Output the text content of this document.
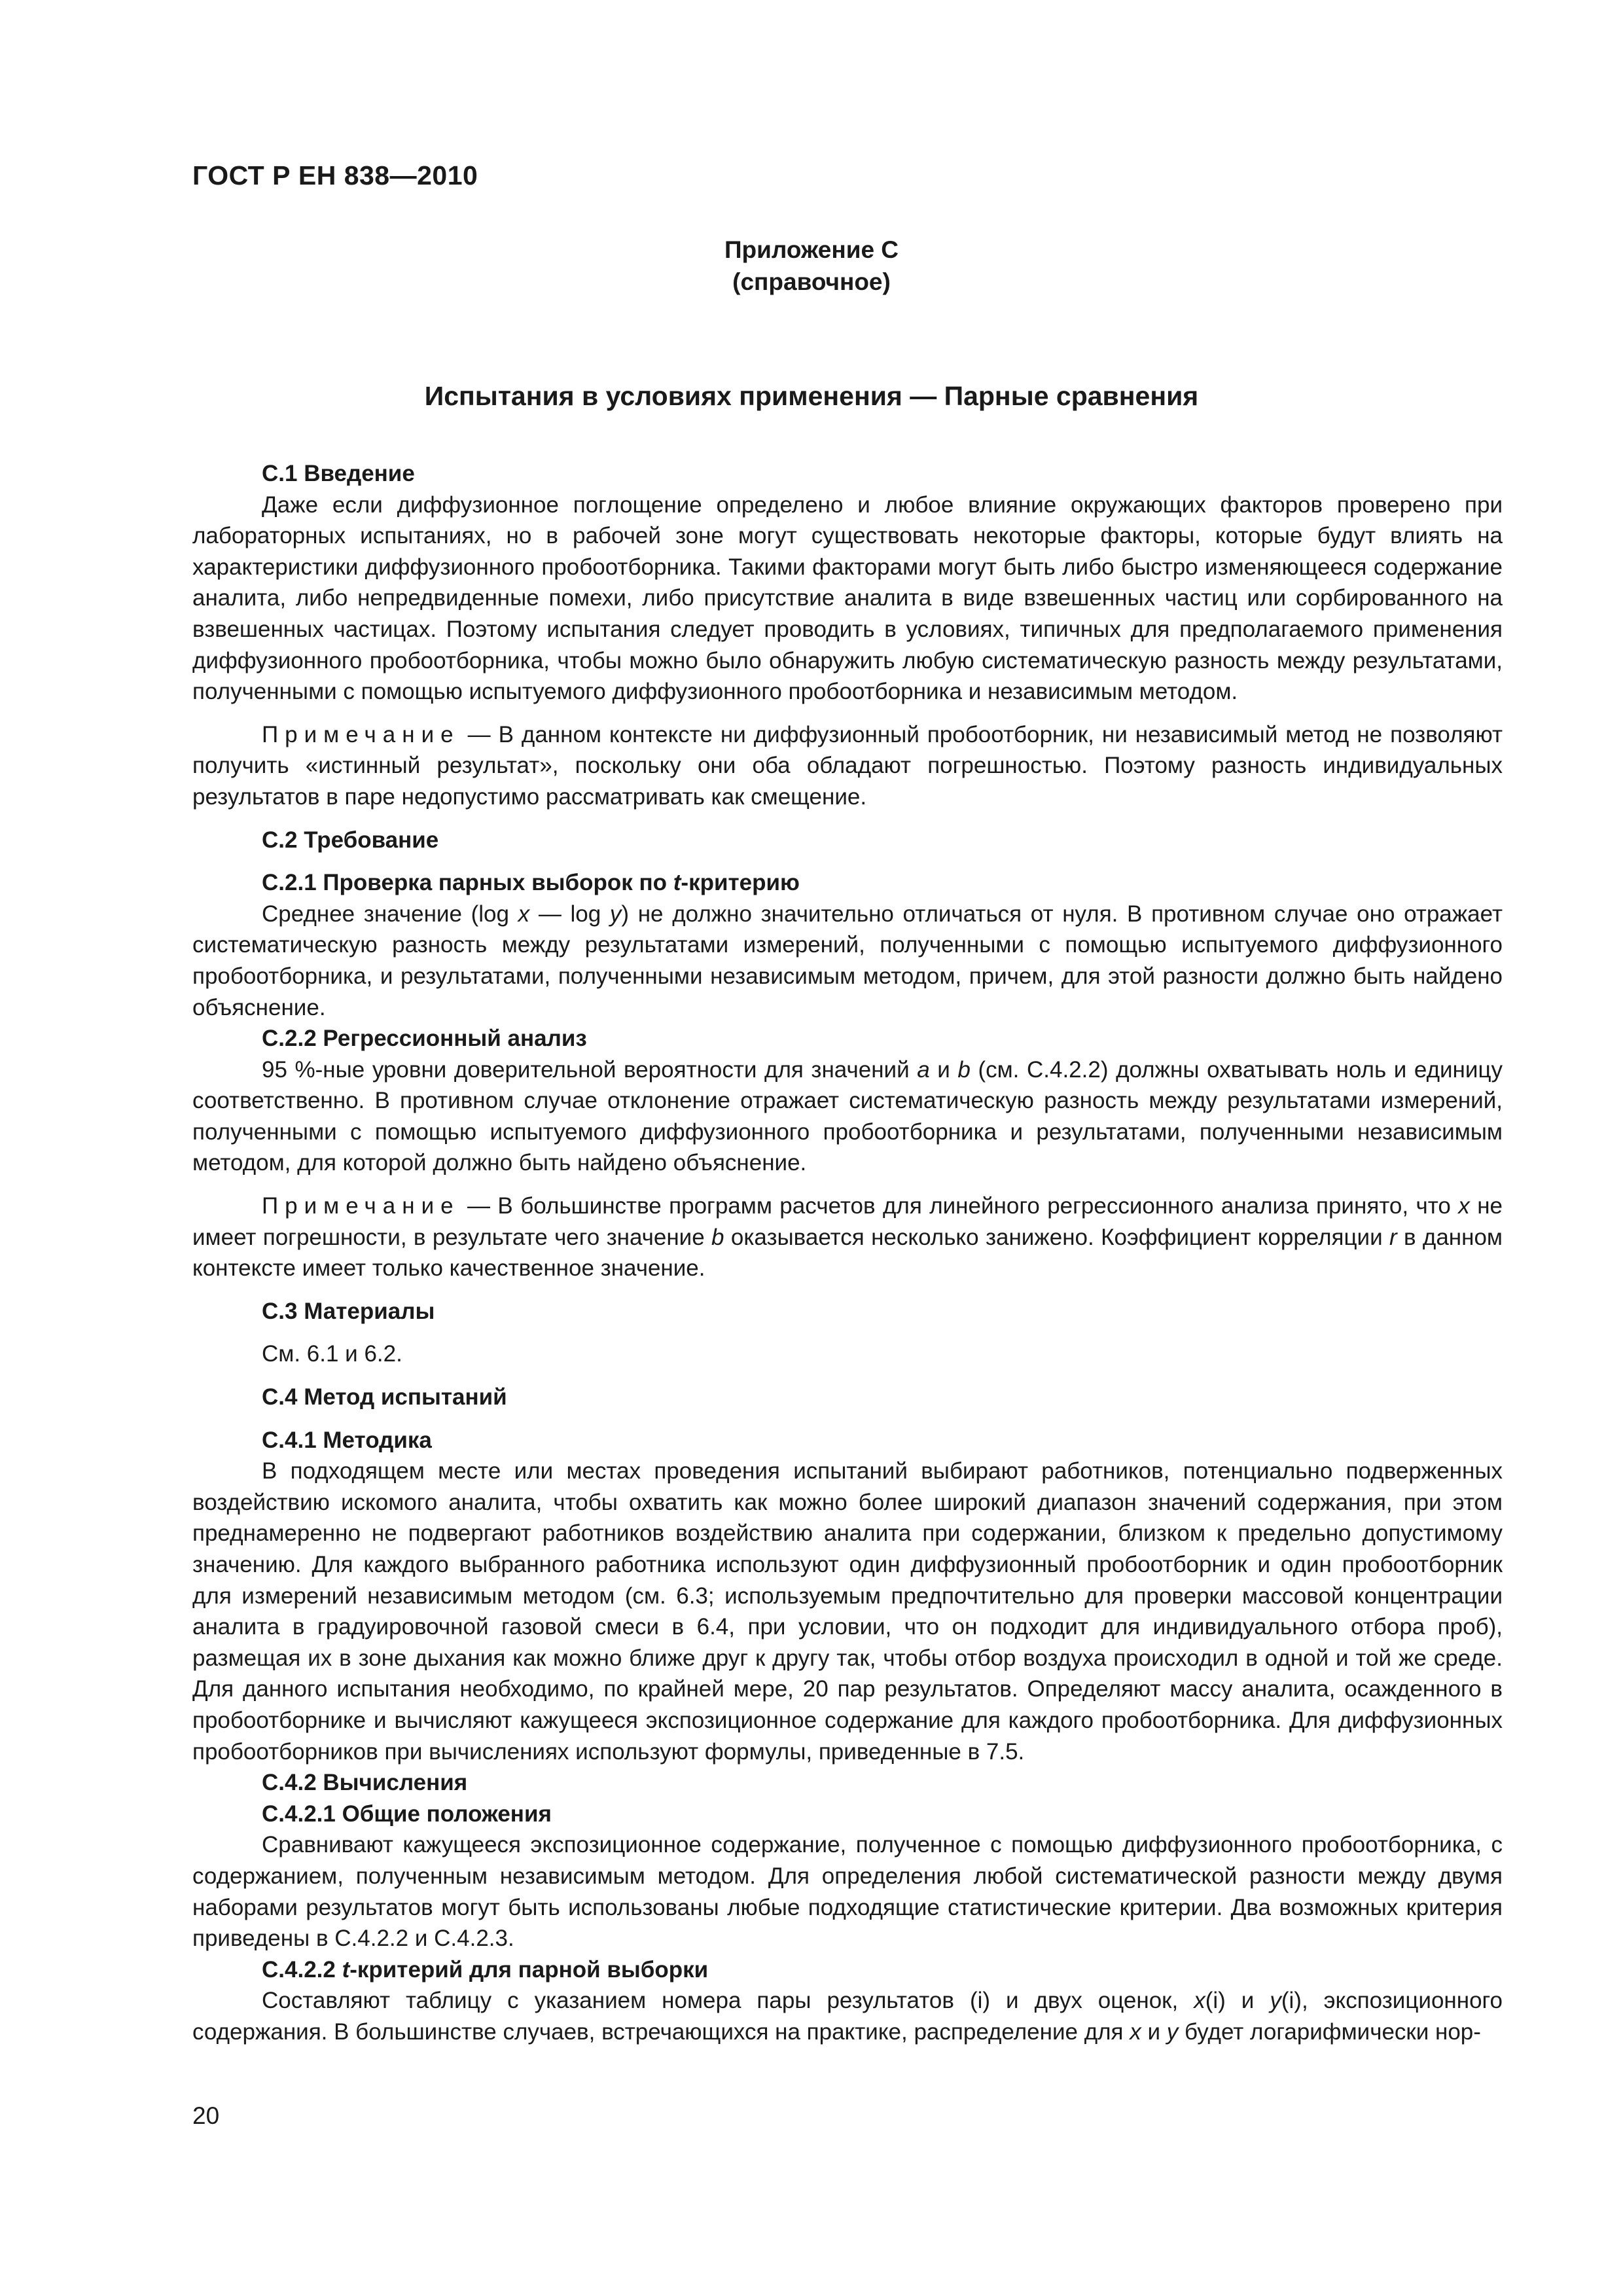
ГОСТ Р ЕН 838—2010
Приложение С
(справочное)
Испытания в условиях применения — Парные сравнения
С.1 Введение

Даже если диффузионное поглощение определено и любое влияние окружающих факторов проверено при лабораторных испытаниях, но в рабочей зоне могут существовать некоторые факторы, которые будут влиять на характеристики диффузионного пробоотборника. Такими факторами могут быть либо быстро изменяющееся содержание аналита, либо непредвиденные помехи, либо присутствие аналита в виде взвешенных частиц или сорбированного на взвешенных частицах. Поэтому испытания следует проводить в условиях, типичных для предполагаемого применения диффузионного пробоотборника, чтобы можно было обнаружить любую систематическую разность между результатами, полученными с помощью испытуемого диффузионного пробоотборника и независимым методом.

Примечание — В данном контексте ни диффузионный пробоотборник, ни независимый метод не позволяют получить «истинный результат», поскольку они оба обладают погрешностью. Поэтому разность индивидуальных результатов в паре недопустимо рассматривать как смещение.

С.2 Требование
С.2.1 Проверка парных выборок по t-критерию

Среднее значение (log x — log y) не должно значительно отличаться от нуля. В противном случае оно отражает систематическую разность между результатами измерений, полученными с помощью испытуемого диффузионного пробоотборника, и результатами, полученными независимым методом, причем, для этой разности должно быть найдено объяснение.

С.2.2 Регрессионный анализ

95 %-ные уровни доверительной вероятности для значений a и b (см. С.4.2.2) должны охватывать ноль и единицу соответственно. В противном случае отклонение отражает систематическую разность между результатами измерений, полученными с помощью испытуемого диффузионного пробоотборника и результатами, полученными независимым методом, для которой должно быть найдено объяснение.

Примечание — В большинстве программ расчетов для линейного регрессионного анализа принято, что x не имеет погрешности, в результате чего значение b оказывается несколько занижено. Коэффициент корреляции r в данном контексте имеет только качественное значение.

С.3 Материалы

См. 6.1 и 6.2.

С.4 Метод испытаний
С.4.1 Методика

В подходящем месте или местах проведения испытаний выбирают работников, потенциально подверженных воздействию искомого аналита, чтобы охватить как можно более широкий диапазон значений содержания, при этом преднамеренно не подвергают работников воздействию аналита при содержании, близком к предельно допустимому значению. Для каждого выбранного работника используют один диффузионный пробоотборник и один пробоотборник для измерений независимым методом (см. 6.3; используемым предпочтительно для проверки массовой концентрации аналита в градуировочной газовой смеси в 6.4, при условии, что он подходит для индивидуального отбора проб), размещая их в зоне дыхания как можно ближе друг к другу так, чтобы отбор воздуха происходил в одной и той же среде. Для данного испытания необходимо, по крайней мере, 20 пар результатов. Определяют массу аналита, осажденного в пробоотборнике и вычисляют кажущееся экспозиционное содержание для каждого пробоотборника. Для диффузионных пробоотборников при вычислениях используют формулы, приведенные в 7.5.

С.4.2 Вычисления
С.4.2.1 Общие положения

Сравнивают кажущееся экспозиционное содержание, полученное с помощью диффузионного пробоотборника, с содержанием, полученным независимым методом. Для определения любой систематической разности между двумя наборами результатов могут быть использованы любые подходящие статистические критерии. Два возможных критерия приведены в С.4.2.2 и С.4.2.3.

С.4.2.2 t-критерий для парной выборки

Составляют таблицу с указанием номера пары результатов (i) и двух оценок, x(i) и y(i), экспозиционного содержания. В большинстве случаев, встречающихся на практике, распределение для x и y будет логарифмически нор-

20
